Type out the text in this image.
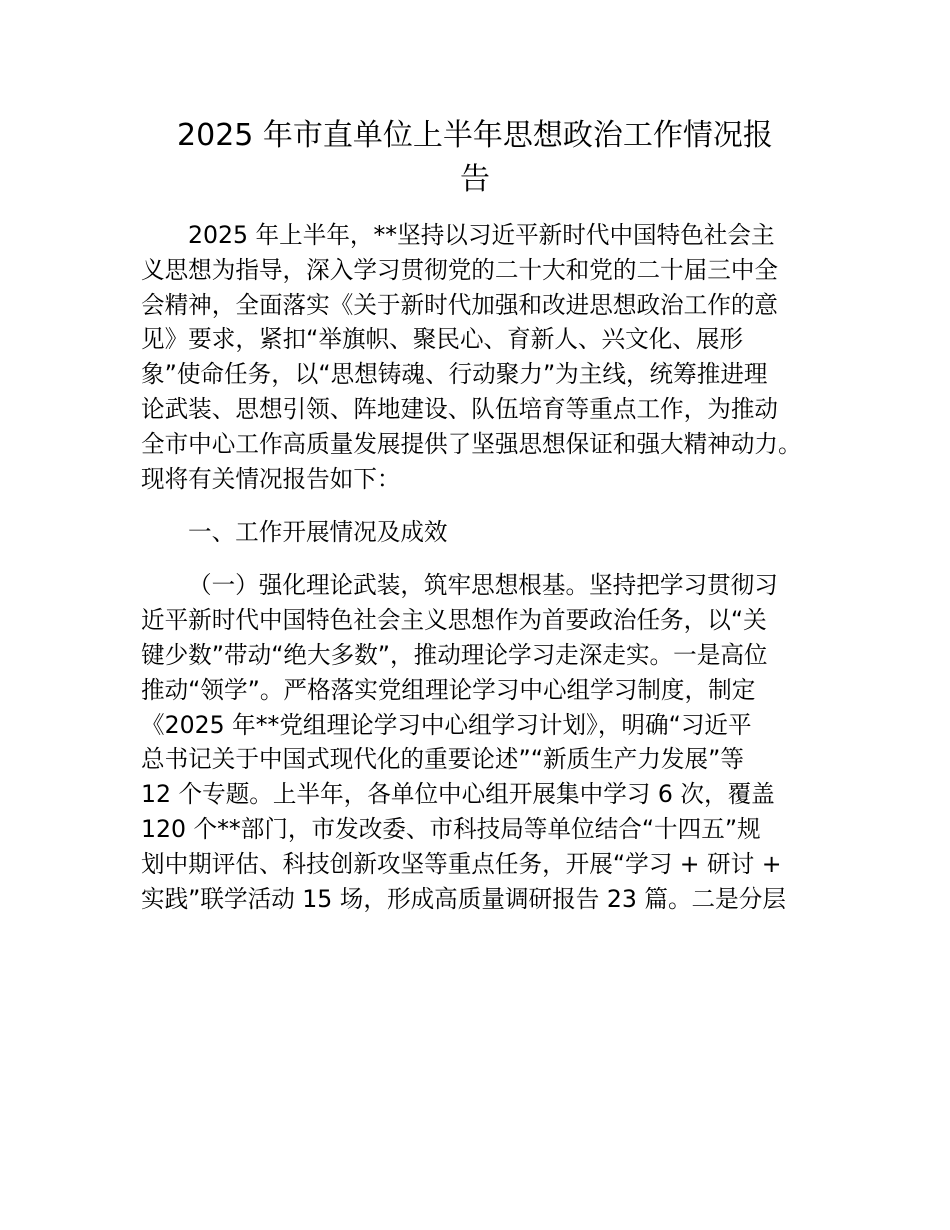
2025 年市直单位上半年思想政治工作情况报
告
2025 年上半年，**坚持以习近平新时代中国特色社会主
义思想为指导，深入学习贯彻党的二十大和党的二十届三中全
会精神，全面落实《关于新时代加强和改进思想政治工作的意
见》要求，紧扣“举旗帜、聚民心、育新人、兴文化、展形
象”使命任务，以“思想铸魂、行动聚力”为主线，统筹推进理
论武装、思想引领、阵地建设、队伍培育等重点工作，为推动
全市中心工作高质量发展提供了坚强思想保证和强大精神动力。
现将有关情况报告如下：
一、工作开展情况及成效
（一）强化理论武装，筑牢思想根基。坚持把学习贯彻习
近平新时代中国特色社会主义思想作为首要政治任务，以“关
键少数”带动“绝大多数”，推动理论学习走深走实。一是高位
推动“领学”。严格落实党组理论学习中心组学习制度，制定
《2025 年**党组理论学习中心组学习计划》，明确“习近平
总书记关于中国式现代化的重要论述”“新质生产力发展”等
12 个专题。上半年，各单位中心组开展集中学习 6 次，覆盖
120 个**部门，市发改委、市科技局等单位结合“十四五”规
划中期评估、科技创新攻坚等重点任务，开展“学习 + 研讨 +
实践”联学活动 15 场，形成高质量调研报告 23 篇。二是分层
